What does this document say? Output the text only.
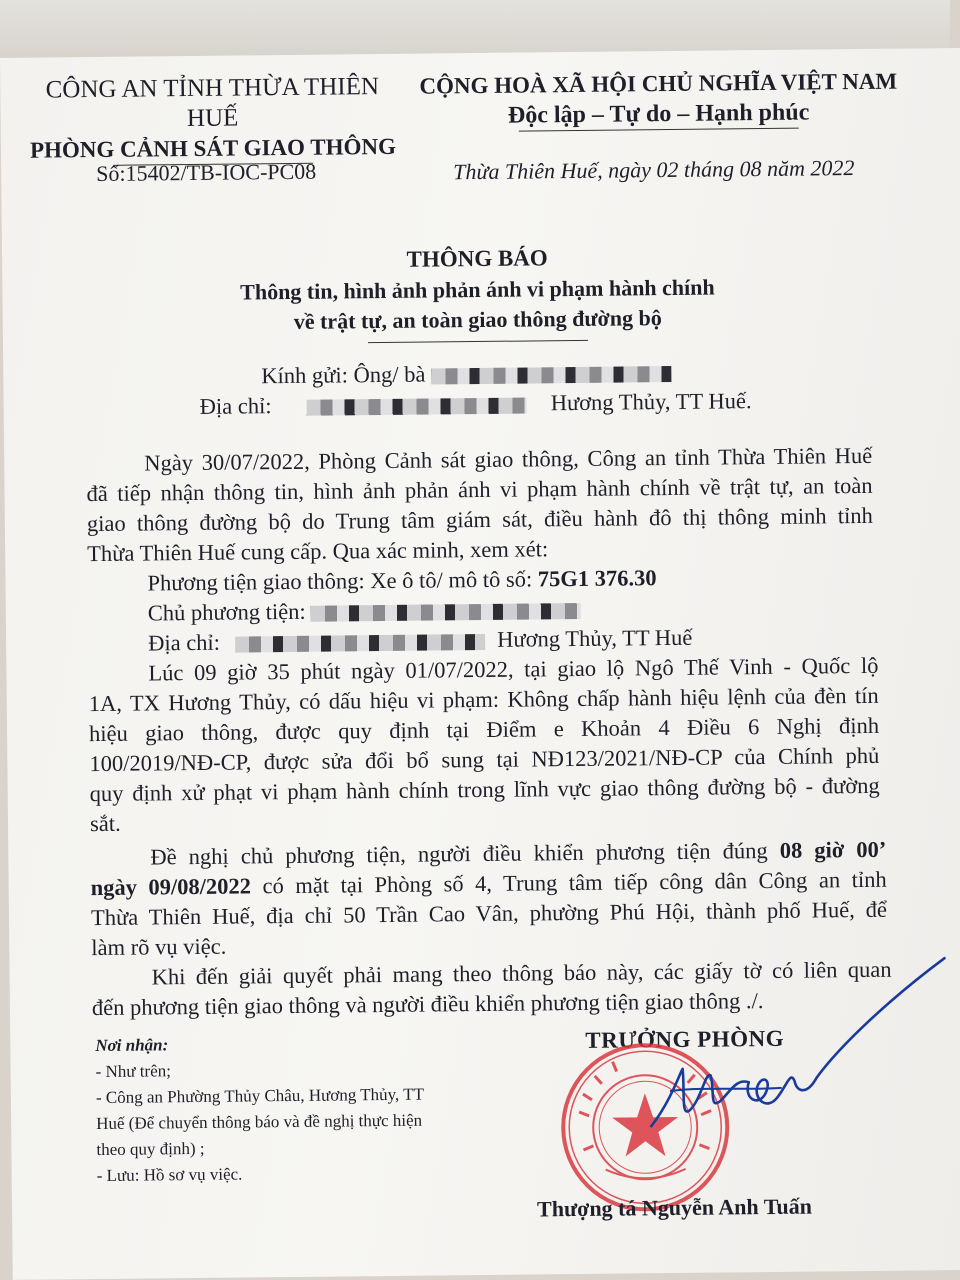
CÔNG AN TỈNH THỪA THIÊN HUẾ
PHÒNG CẢNH SÁT GIAO THÔNG
CỘNG HOÀ XÃ HỘI CHỦ NGHĨA VIỆT NAM
Độc lập – Tự do – Hạnh phúc
Số:15402/TB-IOC-PC08	Thừa Thiên Huế, ngày 02 tháng 08 năm 2022
THÔNG BÁO
Thông tin, hình ảnh phản ánh vi phạm hành chính
về trật tự, an toàn giao thông đường bộ
Kính gửi: Ông/ bà
Địa chỉ:	Hương Thủy, TT Huế.
Ngày 30/07/2022, Phòng Cảnh sát giao thông, Công an tỉnh Thừa Thiên Huế
đã tiếp nhận thông tin, hình ảnh phản ánh vi phạm hành chính về trật tự, an toàn
giao thông đường bộ do Trung tâm giám sát, điều hành đô thị thông minh tỉnh
Thừa Thiên Huế cung cấp. Qua xác minh, xem xét:
Phương tiện giao thông: Xe ô tô/ mô tô số: 75G1 376.30
Chủ phương tiện:
Địa chỉ:	Hương Thủy, TT Huế
Lúc 09 giờ 35 phút ngày 01/07/2022, tại giao lộ Ngô Thế Vinh - Quốc lộ
1A, TX Hương Thủy, có dấu hiệu vi phạm: Không chấp hành hiệu lệnh của đèn tín
hiệu giao thông, được quy định tại Điểm e Khoản 4 Điều 6 Nghị định
100/2019/NĐ-CP, được sửa đổi bổ sung tại NĐ123/2021/NĐ-CP của Chính phủ
quy định xử phạt vi phạm hành chính trong lĩnh vực giao thông đường bộ - đường
sắt.
Đề nghị chủ phương tiện, người điều khiển phương tiện đúng 08 giờ 00’
ngày 09/08/2022 có mặt tại Phòng số 4, Trung tâm tiếp công dân Công an tỉnh
Thừa Thiên Huế, địa chỉ 50 Trần Cao Vân, phường Phú Hội, thành phố Huế, để
làm rõ vụ việc.
Khi đến giải quyết phải mang theo thông báo này, các giấy tờ có liên quan
đến phương tiện giao thông và người điều khiển phương tiện giao thông ./.
Nơi nhận:
- Như trên;
- Công an Phường Thủy Châu, Hương Thủy, TT
Huế (Để chuyển thông báo và đề nghị thực hiện
theo quy định) ;
- Lưu: Hồ sơ vụ việc.
TRƯỞNG PHÒNG
Thượng tá Nguyễn Anh Tuấn
